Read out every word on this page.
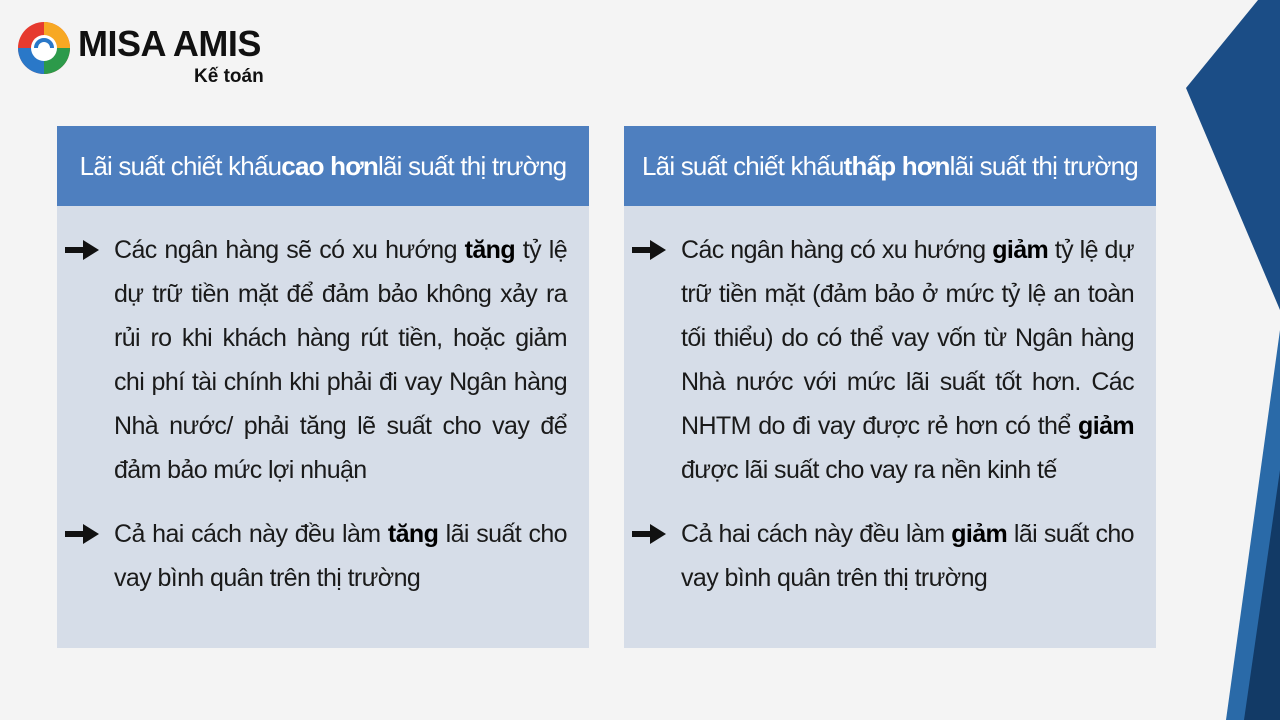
MISA AMIS
Kế toán
Lãi suất chiết khấu cao hơn lãi suất thị trường
Các ngân hàng sẽ có xu hướng tăng tỷ lệ dự trữ tiền mặt để đảm bảo không xảy ra rủi ro khi khách hàng rút tiền, hoặc giảm chi phí tài chính khi phải đi vay Ngân hàng Nhà nước/ phải tăng lẽ suất cho vay để đảm bảo mức lợi nhuận
Cả hai cách này đều làm tăng lãi suất cho vay bình quân trên thị trường
Lãi suất chiết khấu thấp hơn lãi suất thị trường
Các ngân hàng có xu hướng giảm tỷ lệ dự trữ tiền mặt (đảm bảo ở mức tỷ lệ an toàn tối thiểu) do có thể vay vốn từ Ngân hàng Nhà nước với mức lãi suất tốt hơn. Các NHTM do đi vay được rẻ hơn có thể giảm được lãi suất cho vay ra nền kinh tế
Cả hai cách này đều làm giảm lãi suất cho vay bình quân trên thị trường
